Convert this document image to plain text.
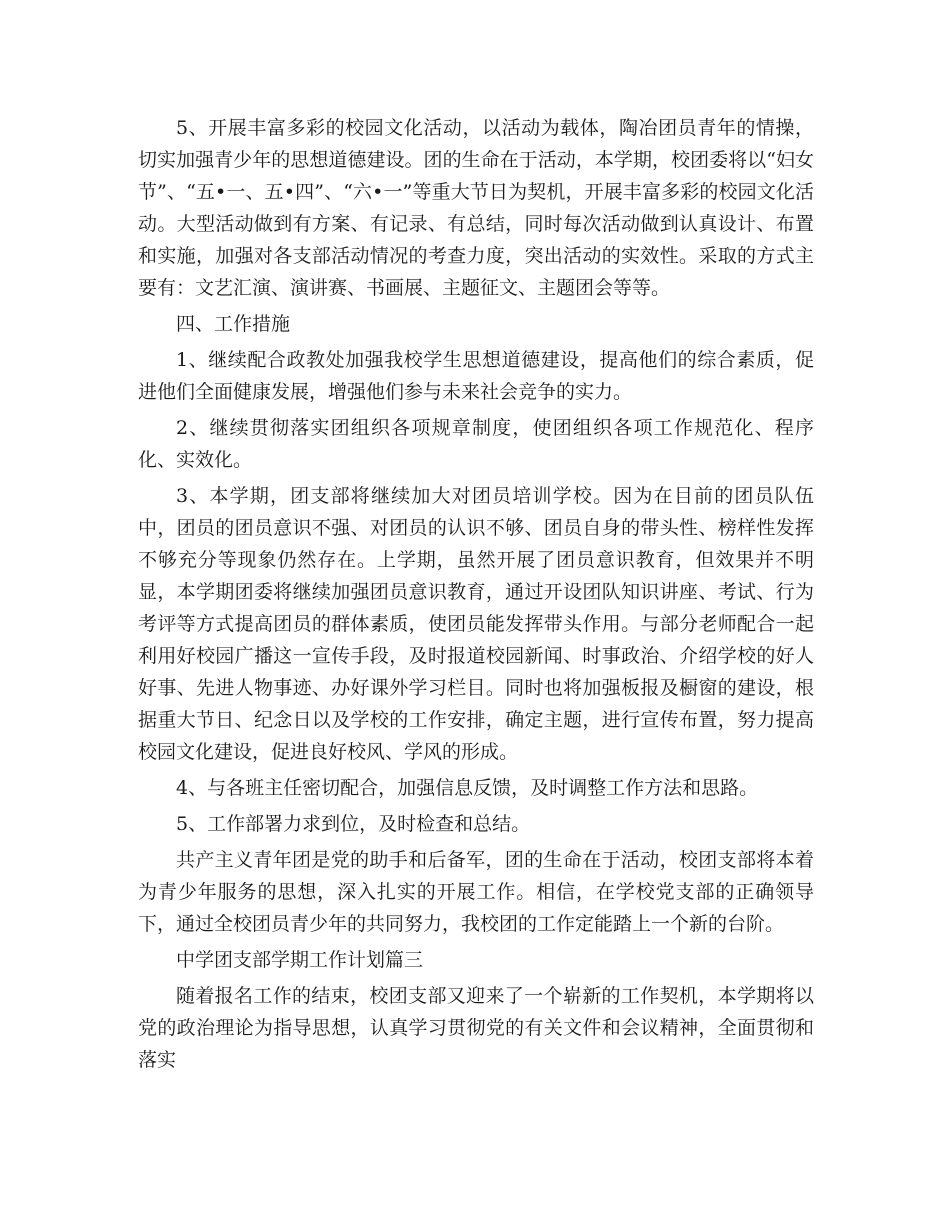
5、开展丰富多彩的校园文化活动，以活动为载体，陶冶团员青年的情操，切实加强青少年的思想道德建设。团的生命在于活动，本学期，校团委将以“妇女节”、“五•一、五•四”、“六•一”等重大节日为契机，开展丰富多彩的校园文化活动。大型活动做到有方案、有记录、有总结，同时每次活动做到认真设计、布置和实施，加强对各支部活动情况的考查力度，突出活动的实效性。采取的方式主要有：文艺汇演、演讲赛、书画展、主题征文、主题团会等等。

四、工作措施

1、继续配合政教处加强我校学生思想道德建设，提高他们的综合素质，促进他们全面健康发展，增强他们参与未来社会竞争的实力。

2、继续贯彻落实团组织各项规章制度，使团组织各项工作规范化、程序化、实效化。

3、本学期，团支部将继续加大对团员培训学校。因为在目前的团员队伍中，团员的团员意识不强、对团员的认识不够、团员自身的带头性、榜样性发挥不够充分等现象仍然存在。上学期，虽然开展了团员意识教育，但效果并不明显，本学期团委将继续加强团员意识教育，通过开设团队知识讲座、考试、行为考评等方式提高团员的群体素质，使团员能发挥带头作用。与部分老师配合一起利用好校园广播这一宣传手段，及时报道校园新闻、时事政治、介绍学校的好人好事、先进人物事迹、办好课外学习栏目。同时也将加强板报及橱窗的建设，根据重大节日、纪念日以及学校的工作安排，确定主题，进行宣传布置，努力提高校园文化建设，促进良好校风、学风的形成。

4、与各班主任密切配合，加强信息反馈，及时调整工作方法和思路。

5、工作部署力求到位，及时检查和总结。

共产主义青年团是党的助手和后备军，团的生命在于活动，校团支部将本着为青少年服务的思想，深入扎实的开展工作。相信，在学校党支部的正确领导下，通过全校团员青少年的共同努力，我校团的工作定能踏上一个新的台阶。

中学团支部学期工作计划篇三

随着报名工作的结束，校团支部又迎来了一个崭新的工作契机，本学期将以党的政治理论为指导思想，认真学习贯彻党的有关文件和会议精神，全面贯彻和落实
